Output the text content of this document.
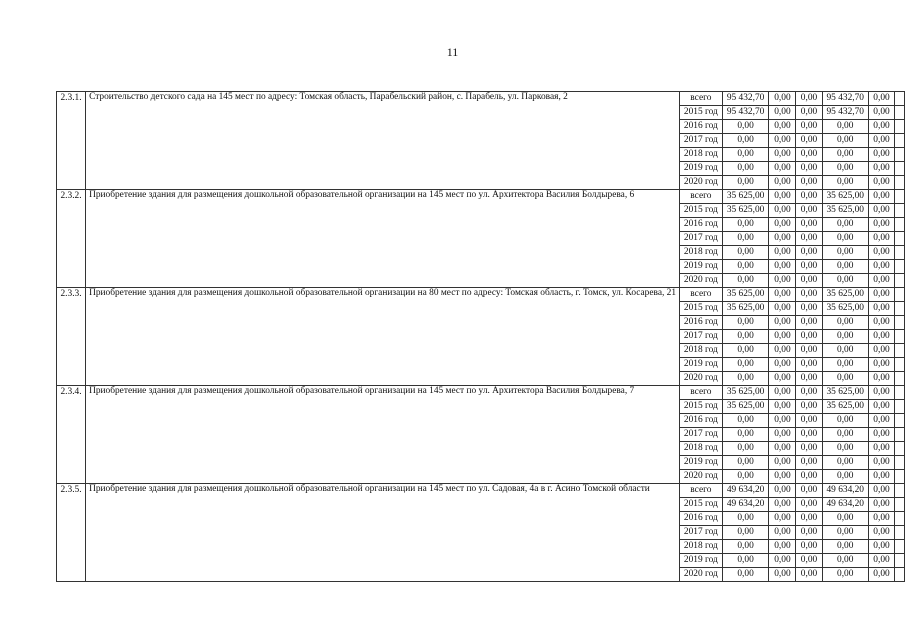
11
2.3.1.	Строительство детского сада на 145 мест по адресу: Томская область, Парабельский район, с. Парабель, ул. Парковая, 2	всего	95 432,70	0,00	0,00	95 432,70	0,00	
		2015 год	95 432,70	0,00	0,00	95 432,70	0,00	
		2016 год	0,00	0,00	0,00	0,00	0,00	
		2017 год	0,00	0,00	0,00	0,00	0,00	
		2018 год	0,00	0,00	0,00	0,00	0,00	
		2019 год	0,00	0,00	0,00	0,00	0,00	
		2020 год	0,00	0,00	0,00	0,00	0,00	
2.3.2.	Приобретение здания для размещения дошкольной образовательной организации на 145 мест по ул. Архитектора Василия Болдырева, 6	всего	35 625,00	0,00	0,00	35 625,00	0,00	
		2015 год	35 625,00	0,00	0,00	35 625,00	0,00	
		2016 год	0,00	0,00	0,00	0,00	0,00	
		2017 год	0,00	0,00	0,00	0,00	0,00	
		2018 год	0,00	0,00	0,00	0,00	0,00	
		2019 год	0,00	0,00	0,00	0,00	0,00	
		2020 год	0,00	0,00	0,00	0,00	0,00	
2.3.3.	Приобретение здания для размещения дошкольной образовательной организации на 80 мест по адресу: Томская область, г. Томск, ул. Косарева, 21	всего	35 625,00	0,00	0,00	35 625,00	0,00	
		2015 год	35 625,00	0,00	0,00	35 625,00	0,00	
		2016 год	0,00	0,00	0,00	0,00	0,00	
		2017 год	0,00	0,00	0,00	0,00	0,00	
		2018 год	0,00	0,00	0,00	0,00	0,00	
		2019 год	0,00	0,00	0,00	0,00	0,00	
		2020 год	0,00	0,00	0,00	0,00	0,00	
2.3.4.	Приобретение здания для размещения дошкольной образовательной организации на 145 мест по ул. Архитектора Василия Болдырева, 7	всего	35 625,00	0,00	0,00	35 625,00	0,00	
		2015 год	35 625,00	0,00	0,00	35 625,00	0,00	
		2016 год	0,00	0,00	0,00	0,00	0,00	
		2017 год	0,00	0,00	0,00	0,00	0,00	
		2018 год	0,00	0,00	0,00	0,00	0,00	
		2019 год	0,00	0,00	0,00	0,00	0,00	
		2020 год	0,00	0,00	0,00	0,00	0,00	
2.3.5.	Приобретение здания для размещения дошкольной образовательной организации на 145 мест по ул. Садовая, 4а в г. Асино Томской области	всего	49 634,20	0,00	0,00	49 634,20	0,00	
		2015 год	49 634,20	0,00	0,00	49 634,20	0,00	
		2016 год	0,00	0,00	0,00	0,00	0,00	
		2017 год	0,00	0,00	0,00	0,00	0,00	
		2018 год	0,00	0,00	0,00	0,00	0,00	
		2019 год	0,00	0,00	0,00	0,00	0,00	
		2020 год	0,00	0,00	0,00	0,00	0,00	
